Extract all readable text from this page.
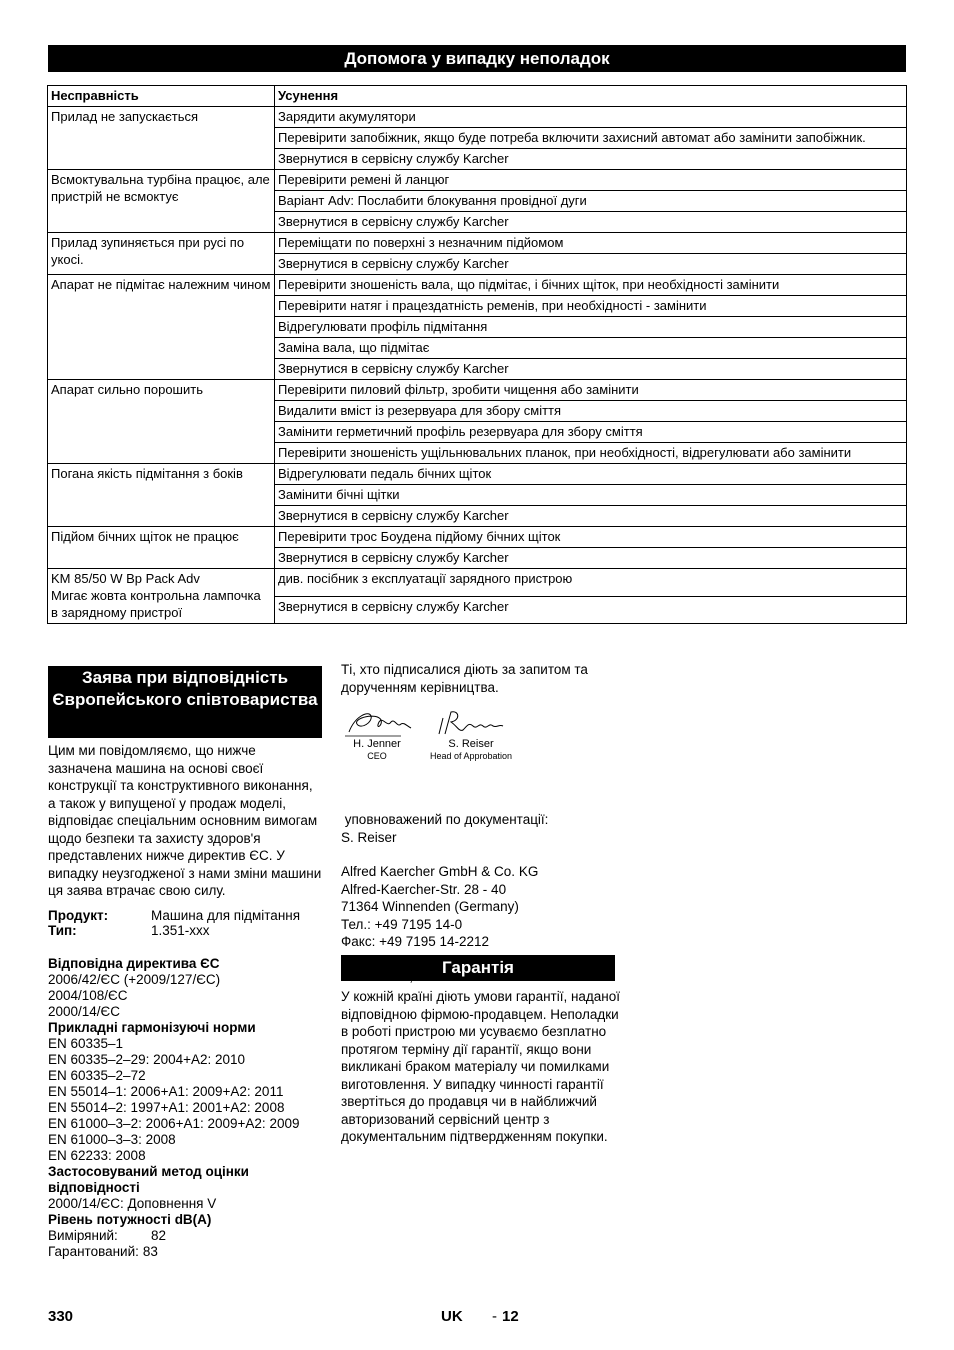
Допомога у випадку неполадок
Несправність	Усунення
Прилад не запускається	Зарядити акумулятори
	Перевірити запобіжник, якщо буде потреба включити захисний автомат або замінити запобіжник.
	Звернутися в сервісну службу Karcher
Всмоктувальна турбіна працює, але пристрій не всмоктує	Перевірити ремені й ланцюг
	Варіант Adv: Послабити блокування провідної дуги
	Звернутися в сервісну службу Karcher
Прилад зупиняється при русі по укосі.	Переміщати по поверхні з незначним підйомом
	Звернутися в сервісну службу Karcher
Апарат не підмітає належним чином	Перевірити зношеність вала, що підмітає, і бічних щіток, при необхідності замінити
	Перевірити натяг і працездатність ременів, при необхідності - замінити
	Відрегулювати профіль підмітання
	Заміна вала, що підмітає
	Звернутися в сервісну службу Karcher
Апарат сильно порошить	Перевірити пиловий фільтр, зробити чищення або замінити
	Видалити вміст із резервуара для збору сміття
	Замінити герметичний профіль резервуара для збору сміття
	Перевірити зношеність ущільнювальних планок, при необхідності, відрегулювати або замінити
Погана якість підмітання з боків	Відрегулювати педаль бічних щіток
	Замінити бічні щітки
	Звернутися в сервісну службу Karcher
Підйом бічних щіток не працює	Перевірити трос Боудена підйому бічних щіток
	Звернутися в сервісну службу Karcher
KM 85/50 W Bp Pack Adv
Мигає жовта контрольна лампочка в зарядному пристрої	див. посібник з експлуатації зарядного пристрою
	Звернутися в сервісну службу Karcher
Заява при відповідність Європейського співтовариства

Цим ми повідомляємо, що нижче зазначена машина на основі своєї конструкції та конструктивного виконання, а також у випущеної у продаж моделі, відповідає спеціальним основним вимогам щодо безпеки та захисту здоров'я представлених нижче директив ЄС. У випадку неузгодженої з нами зміни машини ця заява втрачає свою силу.

Продукт:	Машина для підмітання
Тип:	1.351-xxx
Відповідна директива ЄС
2006/42/ЄС (+2009/127/ЄС)
2004/108/ЄС
2000/14/ЄС
Прикладні гармонізуючі норми
EN 60335–1
EN 60335–2–29: 2004+A2: 2010
EN 60335–2–72
EN 55014–1: 2006+A1: 2009+A2: 2011
EN 55014–2: 1997+A1: 2001+A2: 2008
EN 61000–3–2: 2006+A1: 2009+A2: 2009
EN 61000–3–3: 2008
EN 62233: 2008
Застосовуваний метод оцінки відповідності
2000/14/ЄС: Доповнення V
Рівень потужності dB(A)
Виміряний:	82
Гарантований: 83

Ті, хто підписалися діють за запитом та дорученням керівництва.

H. Jenner
CEO
S. Reiser
Head of Approbation

уповноважений по документації:

S. Reiser

Alfred Kaercher GmbH & Co. KG

Alfred-Kaercher-Str. 28 - 40

71364 Winnenden (Germany)

Тел.: +49 7195 14-0

Факс: +49 7195 14-2212

Гарантія

У кожній країні діють умови гарантії, наданої відповідною фірмою-продавцем. Неполадки в роботі пристрою ми усуваємо безплатно протягом терміну дії гарантії, якщо вони викликані браком матеріалу чи помилками виготовлення. У випадку чинності гарантії звертіться до продавця чи в найближчий авторизований сервісний центр з документальним підтвердженням покупки.

330	UK - 12
